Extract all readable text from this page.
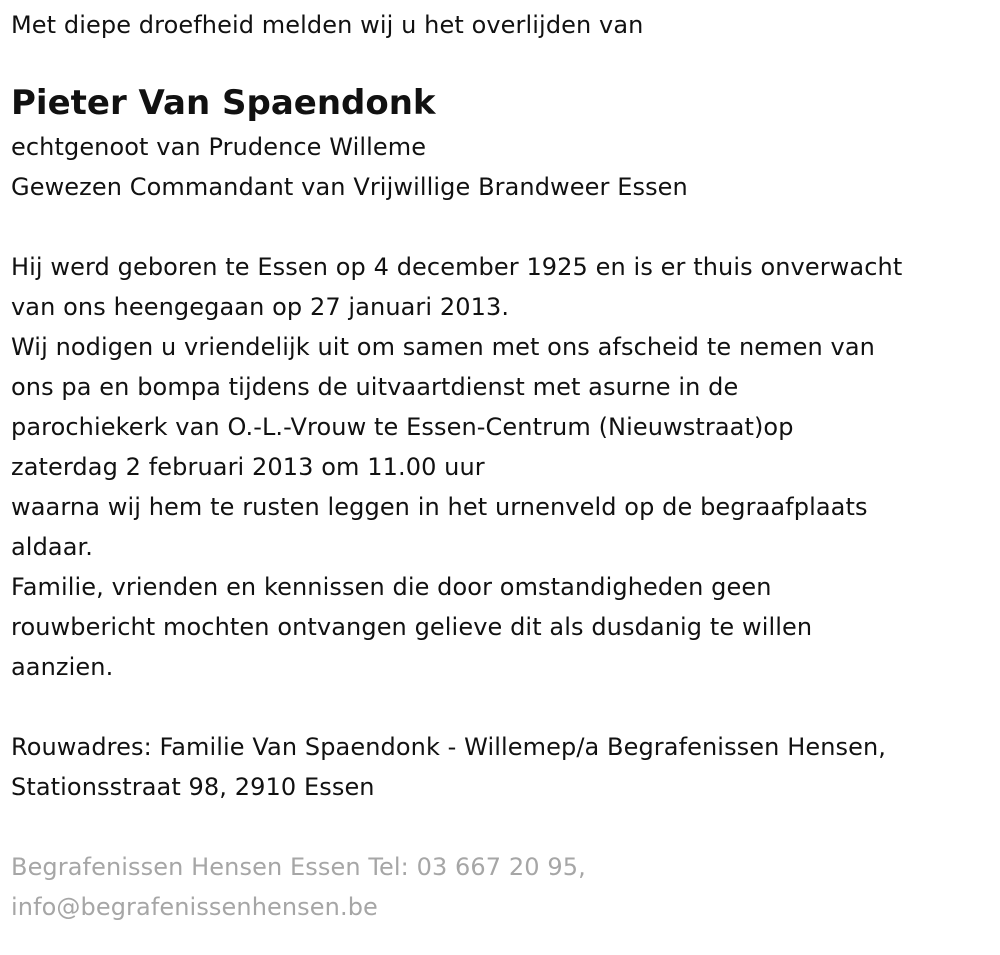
Met diepe droefheid melden wij u het overlijden van
Pieter Van Spaendonk
echtgenoot van Prudence Willeme
Gewezen Commandant van Vrijwillige Brandweer Essen
Hij werd geboren te Essen op 4 december 1925 en is er thuis onverwacht
van ons heengegaan op 27 januari 2013.
Wij nodigen u vriendelijk uit om samen met ons afscheid te nemen van
ons pa en bompa tijdens de uitvaartdienst met asurne in de
parochiekerk van O.-L.-Vrouw te Essen-Centrum (Nieuwstraat)op
zaterdag 2 februari 2013 om 11.00 uur
waarna wij hem te rusten leggen in het urnenveld op de begraafplaats
aldaar.
Familie, vrienden en kennissen die door omstandigheden geen
rouwbericht mochten ontvangen gelieve dit als dusdanig te willen
aanzien.
Rouwadres: Familie Van Spaendonk - Willemep/a Begrafenissen Hensen,
Stationsstraat 98, 2910 Essen
Begrafenissen Hensen Essen Tel: 03 667 20 95,
info@begrafenissenhensen.be
